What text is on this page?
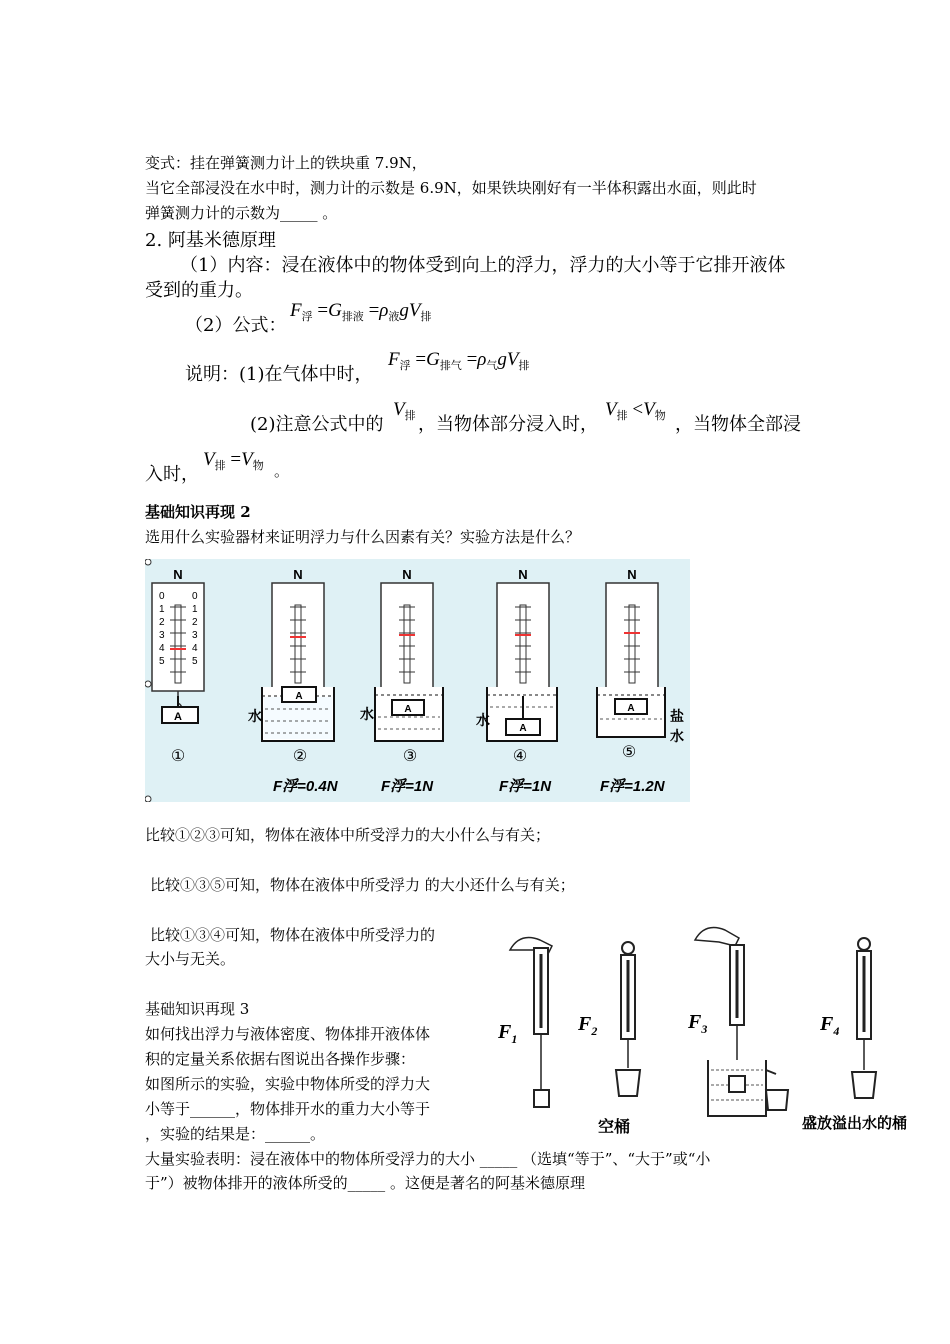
变式：挂在弹簧测力计上的铁块重 7.9N，
当它全部浸没在水中时，测力计的示数是 6.9N，如果铁块刚好有一半体积露出水面，则此时
弹簧测力计的示数为_____ 。
2. 阿基米德原理
（1）内容：浸在液体中的物体受到向上的浮力，浮力的大小等于它排开液体
受到的重力。
（2）公式：
$F_浮 =G_{排液} =\rho_液gV_排$
说明：(1)在气体中时，
$F_浮 =G_{排气} =\rho_气gV_排$
(2)注意公式中的
$V_排$ ，当物体部分浸入时，
$V_排 <V_物$ ，当物体全部浸
入时，
$V_排 =V_物$ 。
基础知识再现 2
选用什么实验器材来证明浮力与什么因素有关？实验方法是什么？
N
0
1
2
3
4
5
0
1
2
3
4
5
A
①
N
A
水
②
F浮=0.4N
N
A
水
③
F浮=1N
N
A
水
④
F浮=1N
N
A	盐
水
⑤
F浮=1.2N
比较①②③可知，物体在液体中所受浮力的大小什么与有关；
比较①③⑤可知，物体在液体中所受浮力 的大小还什么与有关；
比较①③④可知，物体在液体中所受浮力的
大小与无关。
基础知识再现 3
如何找出浮力与液体密度、物体排开液体体
积的定量关系依据右图说出各操作步骤：
如图所示的实验，实验中物体所受的浮力大
小等于______，物体排开水的重力大小等于
，实验的结果是：______。
大量实验表明：浸在液体中的物体所受浮力的大小 _____ （选填“等于”、“大于”或“小
于”）被物体排开的液体所受的_____ 。这便是著名的阿基米德原理
$F_1$
$F_2$
空桶
$F_3$	$F_4$
盛放溢出水的桶
